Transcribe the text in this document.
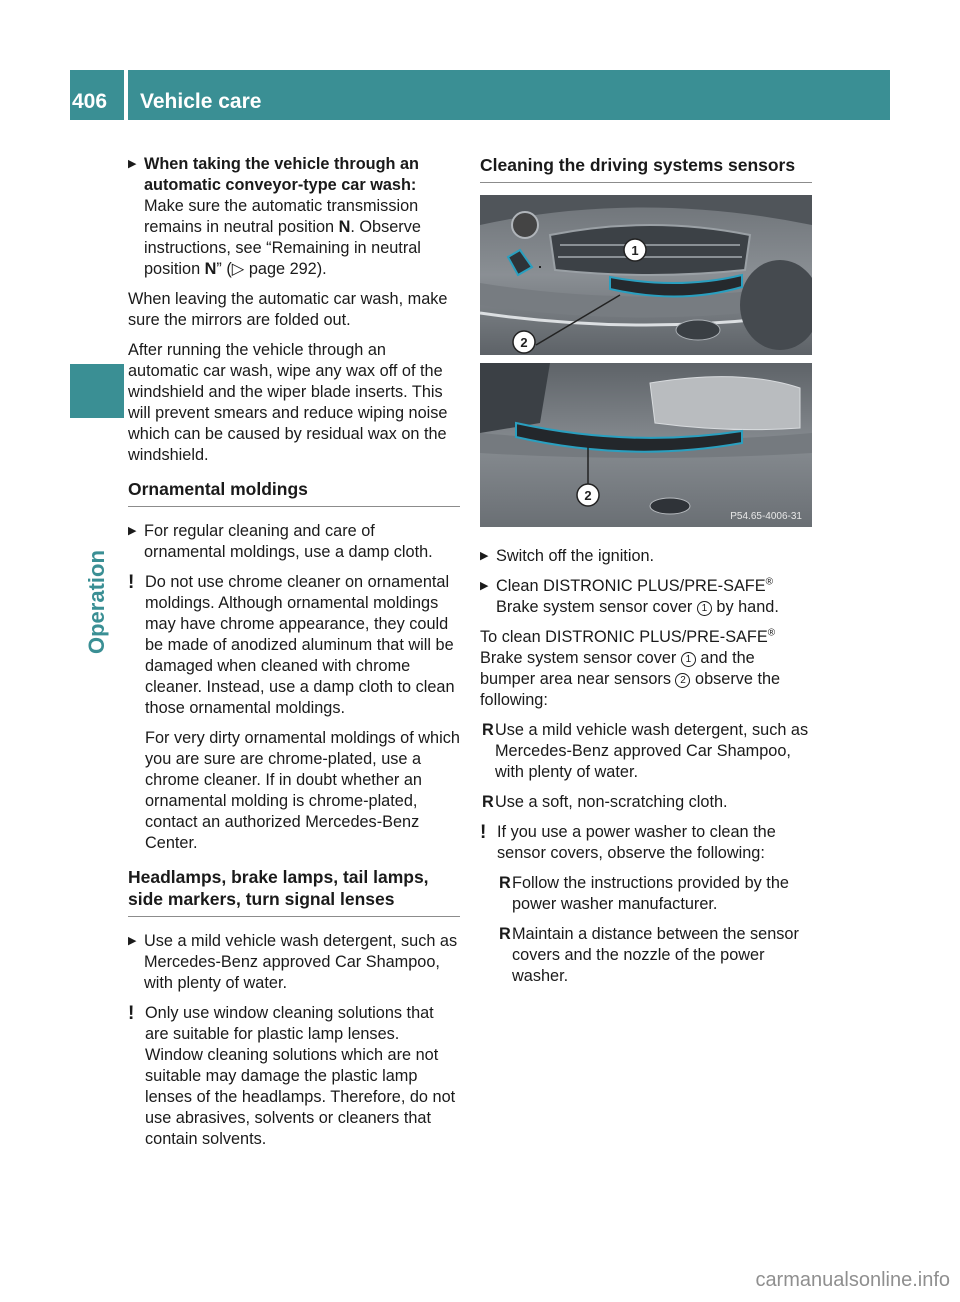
406 Vehicle care
Operation
▶ When taking the vehicle through an automatic conveyor-type car wash:
Make sure the automatic transmission remains in neutral position N. Observe instructions, see “Remaining in neutral position N” (▷ page 292).

When leaving the automatic car wash, make sure the mirrors are folded out.

After running the vehicle through an automatic car wash, wipe any wax off of the windshield and the wiper blade inserts. This will prevent smears and reduce wiping noise which can be caused by residual wax on the windshield.

Ornamental moldings
▶ For regular cleaning and care of ornamental moldings, use a damp cloth.
! Do not use chrome cleaner on ornamental moldings. Although ornamental moldings may have chrome appearance, they could be made of anodized aluminum that will be damaged when cleaned with chrome cleaner. Instead, use a damp cloth to clean those ornamental moldings.
For very dirty ornamental moldings of which you are sure are chrome-plated, use a chrome cleaner. If in doubt whether an ornamental molding is chrome-plated, contact an authorized Mercedes-Benz Center.
Headlamps, brake lamps, tail lamps, side markers, turn signal lenses
▶ Use a mild vehicle wash detergent, such as Mercedes-Benz approved Car Shampoo, with plenty of water.
! Only use window cleaning solutions that are suitable for plastic lamp lenses. Window cleaning solutions which are not suitable may damage the plastic lamp lenses of the headlamps. Therefore, do not use abrasives, solvents or cleaners that contain solvents.
Cleaning the driving systems sensors
1
2
2
P54.65-4006-31
▶ Switch off the ignition.
▶ Clean DISTRONIC PLUS/PRE-SAFE® Brake system sensor cover 1 by hand.

To clean DISTRONIC PLUS/PRE-SAFE® Brake system sensor cover 1 and the bumper area near sensors 2 observe the following:

R Use a mild vehicle wash detergent, such as Mercedes-Benz approved Car Shampoo, with plenty of water.
R Use a soft, non-scratching cloth.
! If you use a power washer to clean the sensor covers, observe the following:
R Follow the instructions provided by the power washer manufacturer.
R Maintain a distance between the sensor covers and the nozzle of the power washer.
carmanualsonline.info
